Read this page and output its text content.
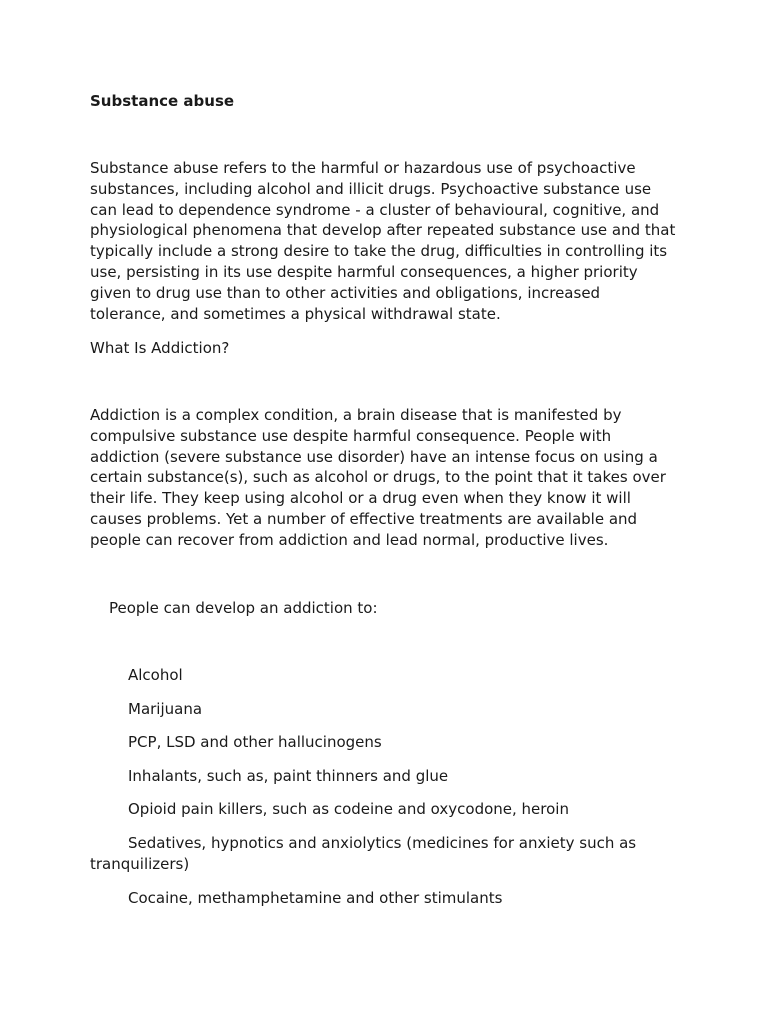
Substance abuse

Substance abuse refers to the harmful or hazardous use of psychoactive substances, including alcohol and illicit drugs. Psychoactive substance use can lead to dependence syndrome - a cluster of behavioural, cognitive, and physiological phenomena that develop after repeated substance use and that typically include a strong desire to take the drug, difficulties in controlling its use, persisting in its use despite harmful consequences, a higher priority given to drug use than to other activities and obligations, increased tolerance, and sometimes a physical withdrawal state.

What Is Addiction?

Addiction is a complex condition, a brain disease that is manifested by compulsive substance use despite harmful consequence. People with addiction (severe substance use disorder) have an intense focus on using a certain substance(s), such as alcohol or drugs, to the point that it takes over their life. They keep using alcohol or a drug even when they know it will causes problems. Yet a number of effective treatments are available and people can recover from addiction and lead normal, productive lives.

People can develop an addiction to:

Alcohol

Marijuana

PCP, LSD and other hallucinogens

Inhalants, such as, paint thinners and glue

Opioid pain killers, such as codeine and oxycodone, heroin

Sedatives, hypnotics and anxiolytics (medicines for anxiety such as tranquilizers)

Cocaine, methamphetamine and other stimulants
